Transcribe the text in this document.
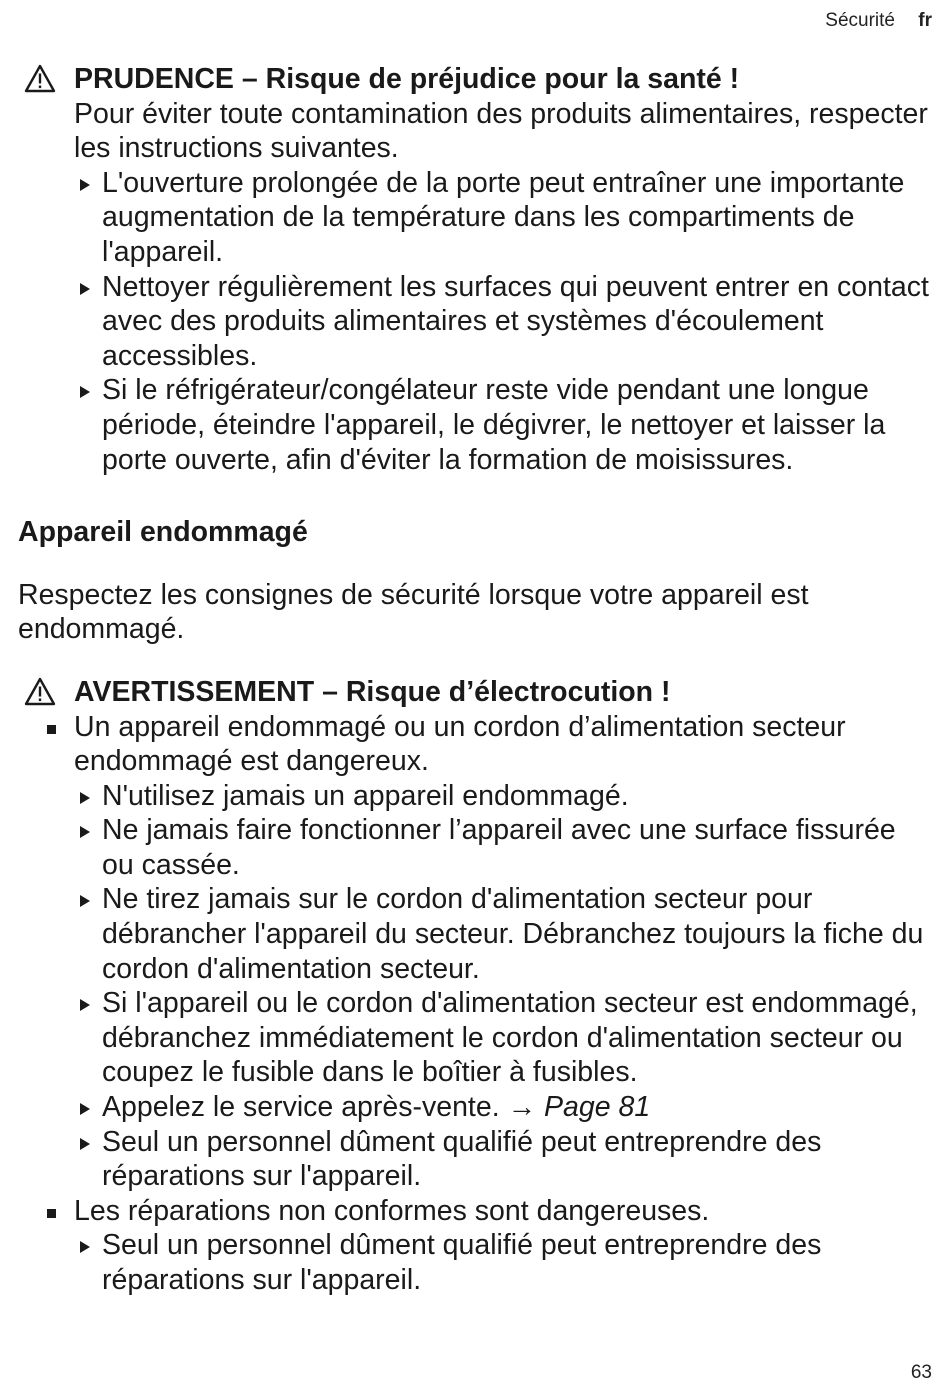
Sécurité fr
PRUDENCE – Risque de préjudice pour la santé !
Pour éviter toute contamination des produits alimentaires, respecter les instructions suivantes.
L'ouverture prolongée de la porte peut entraîner une importante augmentation de la température dans les compartiments de l'appareil.
Nettoyer régulièrement les surfaces qui peuvent entrer en contact avec des produits alimentaires et systèmes d'écoulement accessibles.
Si le réfrigérateur/congélateur reste vide pendant une longue période, éteindre l'appareil, le dégivrer, le nettoyer et laisser la porte ouverte, afin d'éviter la formation de moisissures.
Appareil endommagé
Respectez les consignes de sécurité lorsque votre appareil est endommagé.
AVERTISSEMENT – Risque d’électrocution !
Un appareil endommagé ou un cordon d’alimentation secteur endommagé est dangereux.
N'utilisez jamais un appareil endommagé.
Ne jamais faire fonctionner l’appareil avec une surface fissurée ou cassée.
Ne tirez jamais sur le cordon d'alimentation secteur pour débrancher l'appareil du secteur. Débranchez toujours la fiche du cordon d'alimentation secteur.
Si l'appareil ou le cordon d'alimentation secteur est endommagé, débranchez immédiatement le cordon d'alimentation secteur ou coupez le fusible dans le boîtier à fusibles.
Appelez le service après-vente. → Page 81
Seul un personnel dûment qualifié peut entreprendre des réparations sur l'appareil.
Les réparations non conformes sont dangereuses.
Seul un personnel dûment qualifié peut entreprendre des réparations sur l'appareil.
63
